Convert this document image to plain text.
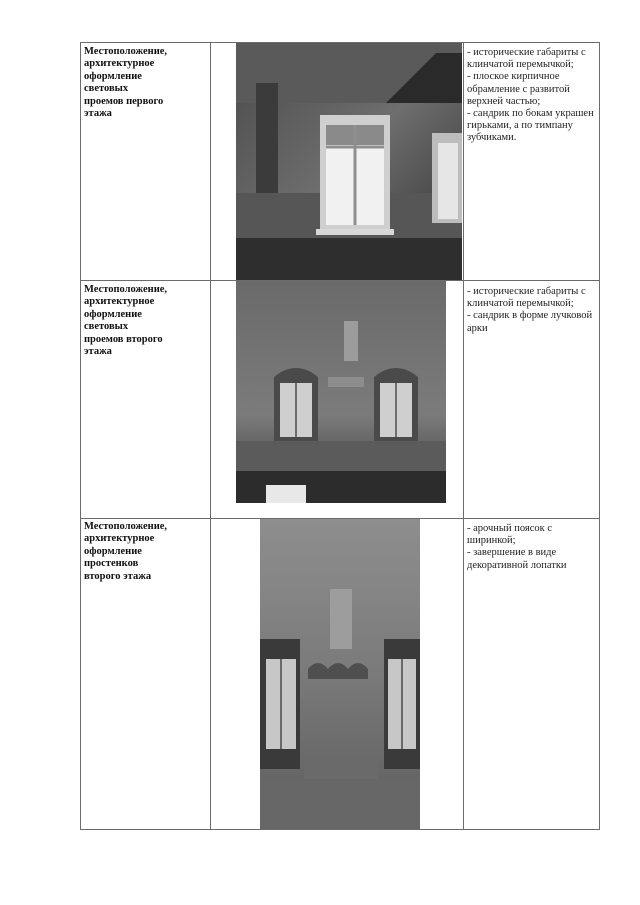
Местоположение,
архитектурное
оформление
световых
проемов первого
этажа
- исторические габариты с клинчатой перемычкой;
- плоское кирпичное обрамление с развитой верхней частью;
- сандрик по бокам украшен гирьками, а по тимпану зубчиками.
Местоположение,
архитектурное
оформление
световых
проемов второго
этажа
- исторические габариты с клинчатой перемычкой;
- сандрик в форме лучковой арки
Местоположение,
архитектурное
оформление
простенков
второго этажа
- арочный поясок с ширинкой;
- завершение в виде декоративной лопатки
